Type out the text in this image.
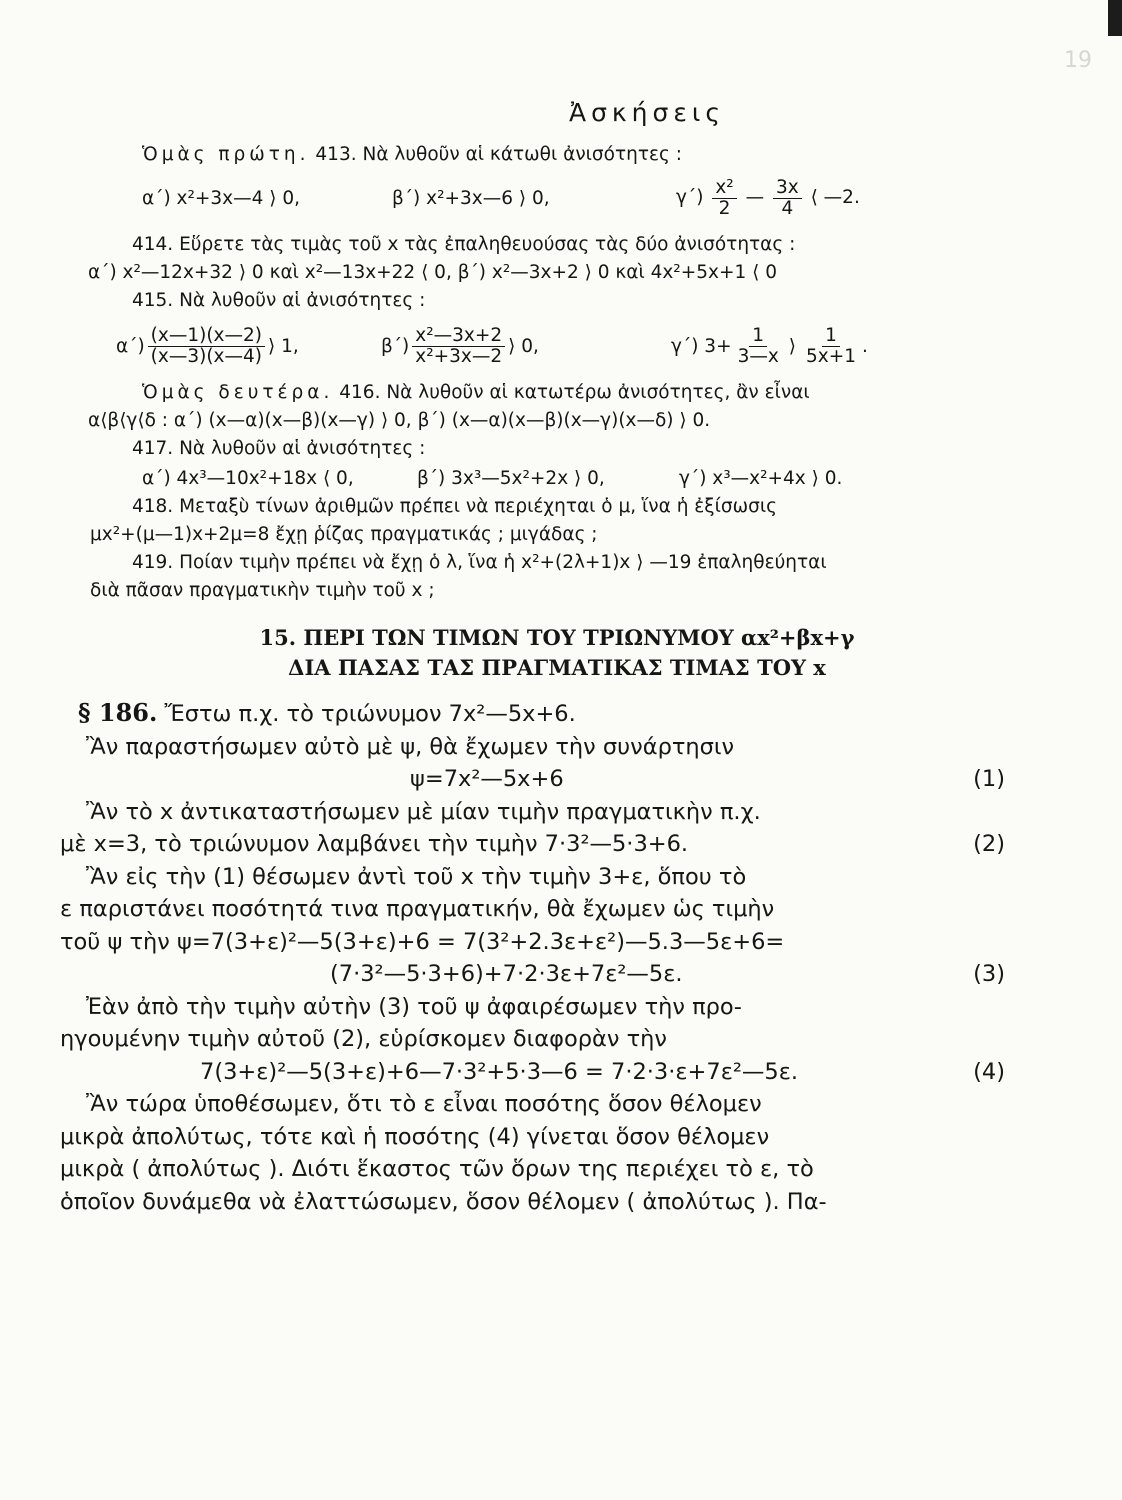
19
Ἀσκήσεις
Ὁμὰς πρώτη. 413. Νὰ λυθοῦν αἱ κάτωθι ἀνισότητες :
α΄) x²+3x—4 ⟩ 0,	β΄) x²+3x—6 ⟩ 0,	$\gamma΄) \frac{\text{x²}}{2}$ — $\frac{3x}{4}$ ⟨ —2.
414. Εὕρετε τὰς τιμὰς τοῦ x τὰς ἐπαληθευούσας τὰς δύο ἀνισότητας :
α΄) x²—12x+32 ⟩ 0 καὶ x²—13x+22 ⟨ 0, β΄) x²—3x+2 ⟩ 0 καὶ 4x²+5x+1 ⟨ 0
415. Νὰ λυθοῦν αἱ ἀνισότητες :
$\alpha΄) \frac{(x—1)(x—2)}{(x—3)(x—4)}$ ⟩ 1,	$\beta΄) \frac{\text{x²—3x+2}}{\text{x²+3x—2}}$ ⟩ 0,	γ΄) $3+ \frac{1}{3—x}$ ⟩ $\frac{1}{5x+1}$ .
Ὁμὰς δευτέρα. 416. Νὰ λυθοῦν αἱ κατωτέρω ἀνισότητες, ἂν εἶναι
α⟨β⟨γ⟨δ : α΄) (x—α)(x—β)(x—γ) ⟩ 0, β΄) (x—α)(x—β)(x—γ)(x—δ) ⟩ 0.
417. Νὰ λυθοῦν αἱ ἀνισότητες :
α΄) 4x³—10x²+18x ⟨ 0,	β΄) 3x³—5x²+2x ⟩ 0,	γ΄) x³—x²+4x ⟩ 0.
418. Μεταξὺ τίνων ἀριθμῶν πρέπει νὰ περιέχηται ὁ μ, ἵνα ἡ ἐξίσωσις
μx²+(μ—1)x+2μ=8 ἔχῃ ῥίζας πραγματικάς ; μιγάδας ;
419. Ποίαν τιμὴν πρέπει νὰ ἔχῃ ὁ λ, ἵνα ἡ x²+(2λ+1)x ⟩ —19 ἐπαληθεύηται
διὰ πᾶσαν πραγματικὴν τιμὴν τοῦ x ;
15. ΠΕΡΙ ΤΩΝ ΤΙΜΩΝ ΤΟΥ ΤΡΙΩΝΥΜΟΥ αx²+βx+γ
ΔΙΑ ΠΑΣΑΣ ΤΑΣ ΠΡΑΓΜΑΤΙΚΑΣ ΤΙΜΑΣ ΤΟΥ x
§ 186. Ἔστω π.χ. τὸ τριώνυμον 7x²—5x+6.
Ἂν παραστήσωμεν αὐτὸ μὲ ψ, θὰ ἔχωμεν τὴν συνάρτησιν
ψ=7x²—5x+6	(1)
Ἂν τὸ x ἀντικαταστήσωμεν μὲ μίαν τιμὴν πραγματικὴν π.χ.
μὲ x=3, τὸ τριώνυμον λαμβάνει τὴν τιμὴν 7·3²—5·3+6.	(2)
Ἂν εἰς τὴν (1) θέσωμεν ἀντὶ τοῦ x τὴν τιμὴν 3+ε, ὅπου τὸ
ε παριστάνει ποσότητά τινα πραγματικήν, θὰ ἔχωμεν ὡς τιμὴν
τοῦ ψ τὴν ψ=7(3+ε)²—5(3+ε)+6 = 7(3²+2.3ε+ε²)—5.3—5ε+6=
(7·3²—5·3+6)+7·2·3ε+7ε²—5ε.	(3)
Ἐὰν ἀπὸ τὴν τιμὴν αὐτὴν (3) τοῦ ψ ἀφαιρέσωμεν τὴν προ-
ηγουμένην τιμὴν αὐτοῦ (2), εὑρίσκομεν διαφορὰν τὴν
7(3+ε)²—5(3+ε)+6—7·3²+5·3—6 = 7·2·3·ε+7ε²—5ε.	(4)
Ἂν τώρα ὑποθέσωμεν, ὅτι τὸ ε εἶναι ποσότης ὅσον θέλομεν
μικρὰ ἀπολύτως, τότε καὶ ἡ ποσότης (4) γίνεται ὅσον θέλομεν
μικρὰ ( ἀπολύτως ). Διότι ἕκαστος τῶν ὅρων της περιέχει τὸ ε, τὸ
ὁποῖον δυνάμεθα νὰ ἐλαττώσωμεν, ὅσον θέλομεν ( ἀπολύτως ). Πα-
